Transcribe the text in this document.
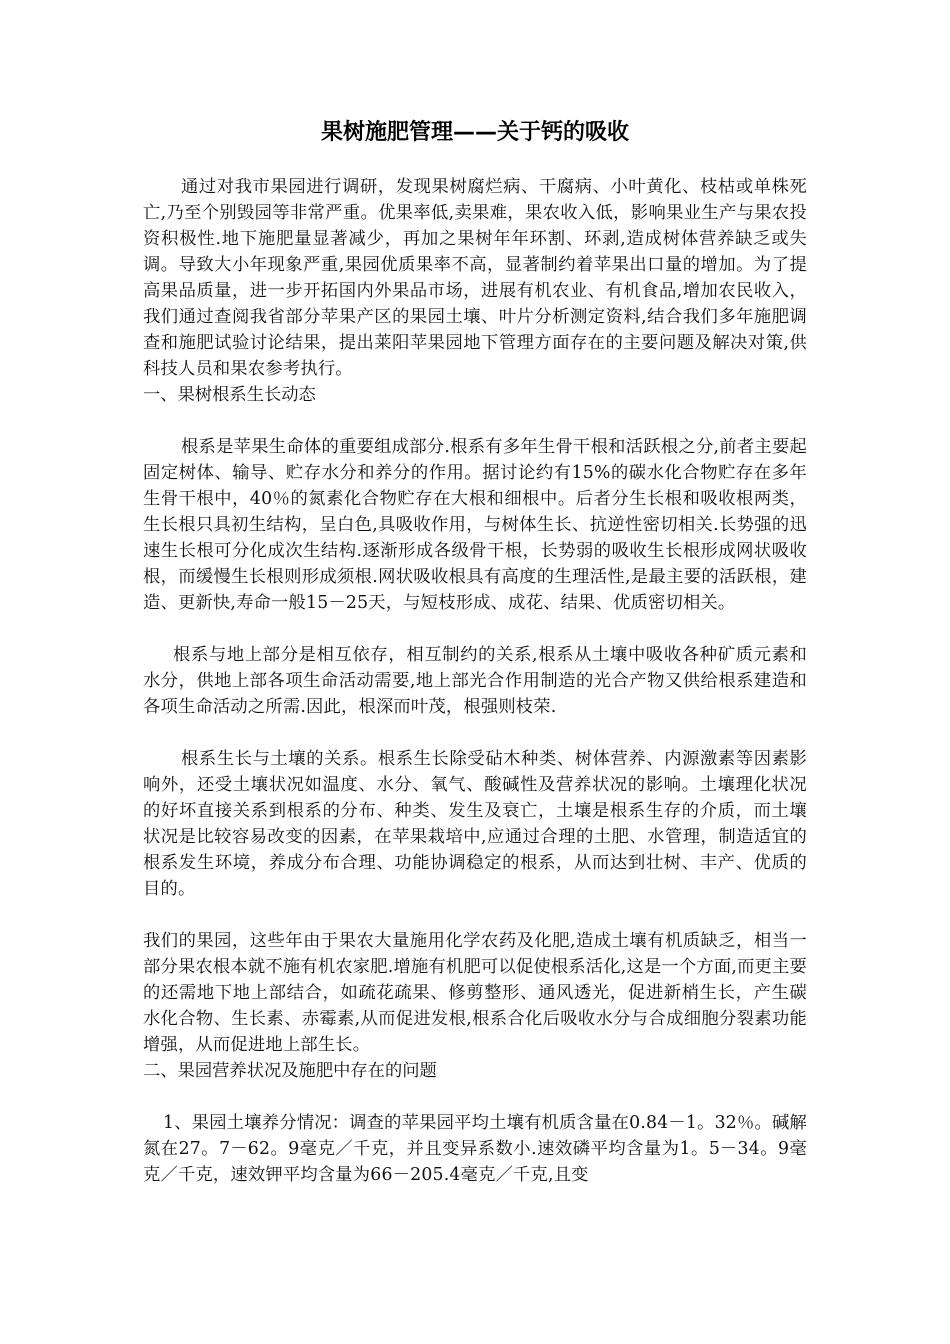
果树施肥管理——关于钙的吸收

通过对我市果园进行调研，发现果树腐烂病、干腐病、小叶黄化、枝枯或单株死亡,乃至个别毁园等非常严重。优果率低,卖果难，果农收入低，影响果业生产与果农投资积极性.地下施肥量显著减少，再加之果树年年环割、环剥,造成树体营养缺乏或失调。导致大小年现象严重,果园优质果率不高，显著制约着苹果出口量的增加。为了提高果品质量，进一步开拓国内外果品市场，进展有机农业、有机食品,增加农民收入，我们通过查阅我省部分苹果产区的果园土壤、叶片分析测定资料,结合我们多年施肥调查和施肥试验讨论结果，提出莱阳苹果园地下管理方面存在的主要问题及解决对策,供科技人员和果农参考执行。

一、果树根系生长动态

根系是苹果生命体的重要组成部分.根系有多年生骨干根和活跃根之分,前者主要起固定树体、输导、贮存水分和养分的作用。据讨论约有15%的碳水化合物贮存在多年生骨干根中，40％的氮素化合物贮存在大根和细根中。后者分生长根和吸收根两类，生长根只具初生结构，呈白色,具吸收作用，与树体生长、抗逆性密切相关.长势强的迅速生长根可分化成次生结构.逐渐形成各级骨干根，长势弱的吸收生长根形成网状吸收根，而缓慢生长根则形成须根.网状吸收根具有高度的生理活性,是最主要的活跃根，建造、更新快,寿命一般15－25天，与短枝形成、成花、结果、优质密切相关。

根系与地上部分是相互依存，相互制约的关系,根系从土壤中吸收各种矿质元素和水分，供地上部各项生命活动需要,地上部光合作用制造的光合产物又供给根系建造和各项生命活动之所需.因此，根深而叶茂，根强则枝荣.

根系生长与土壤的关系。根系生长除受砧木种类、树体营养、内源激素等因素影响外，还受土壤状况如温度、水分、氧气、酸碱性及营养状况的影响。土壤理化状况的好坏直接关系到根系的分布、种类、发生及衰亡，土壤是根系生存的介质，而土壤状况是比较容易改变的因素，在苹果栽培中,应通过合理的土肥、水管理，制造适宜的根系发生环境，养成分布合理、功能协调稳定的根系，从而达到壮树、丰产、优质的目的。

我们的果园，这些年由于果农大量施用化学农药及化肥,造成土壤有机质缺乏，相当一部分果农根本就不施有机农家肥.增施有机肥可以促使根系活化,这是一个方面,而更主要的还需地下地上部结合，如疏花疏果、修剪整形、通风透光，促进新梢生长，产生碳水化合物、生长素、赤霉素,从而促进发根,根系合化后吸收水分与合成细胞分裂素功能增强，从而促进地上部生长。

二、果园营养状况及施肥中存在的问题

1、果园土壤养分情况：调查的苹果园平均土壤有机质含量在0.84－1。32％。碱解氮在27。7－62。9毫克／千克，并且变异系数小.速效磷平均含量为1。5－34。9毫克／千克，速效钾平均含量为66－205.4毫克／千克,且变
